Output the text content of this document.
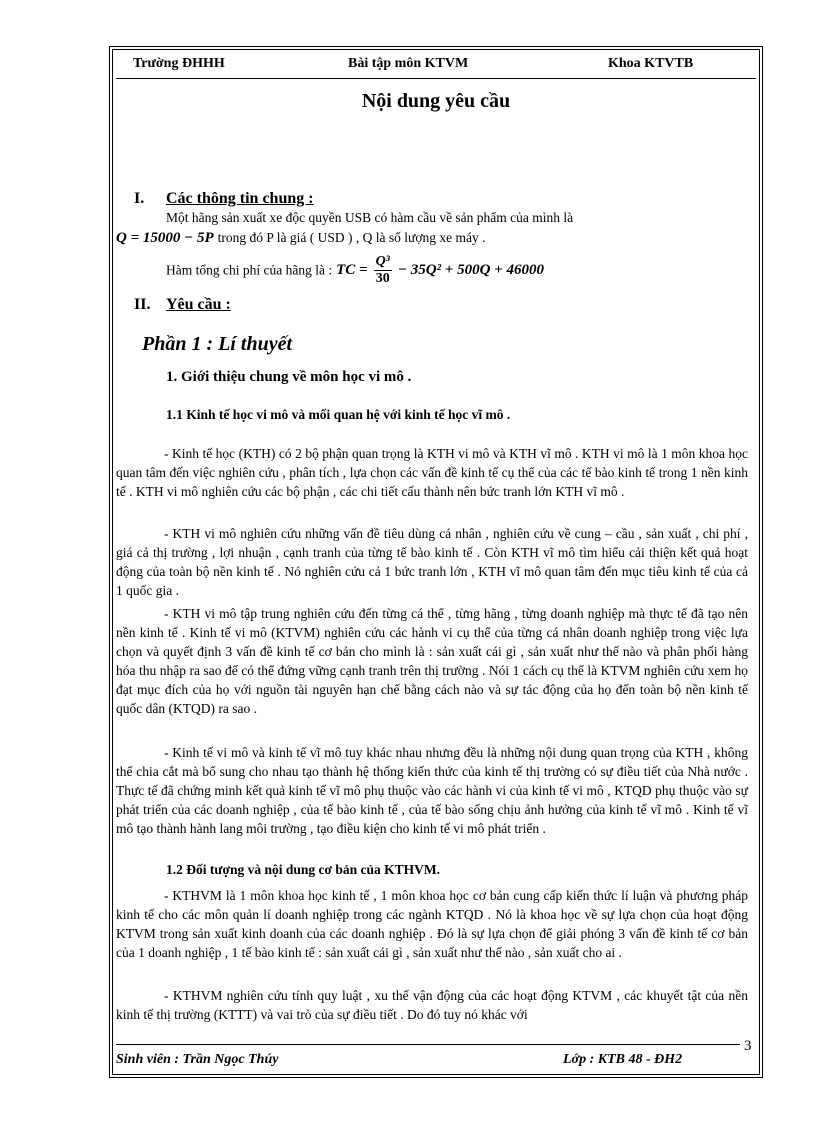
Trường ĐHHH	Bài tập môn KTVM	Khoa KTVTB
Nội dung yêu cầu
I. Các thông tin chung :
Một hãng sản xuất xe độc quyền USB có hàm cầu về sản phẩm của mình là
Q = 15000 − 5P trong đó P là giá ( USD ) , Q là số lượng xe máy .
Hàm tổng chi phí của hãng là : TC = $\frac{\text{Q³}}{30} - 35Q^2 + 500Q + 46000$
II. Yêu cầu :
Phần 1 : Lí thuyết
1. Giới thiệu chung về môn học vi mô .
1.1 Kinh tế học vi mô và mối quan hệ với kinh tế học vĩ mô .
- Kinh tế học (KTH) có 2 bộ phận quan trọng là KTH vi mô và KTH vĩ mô . KTH vi mô là 1 môn khoa học quan tâm đến việc nghiên cứu , phân tích , lựa chọn các vấn đề kinh tế cụ thể của các tế bào kinh tế trong 1 nền kinh tế . KTH vi mô nghiên cứu các bộ phận , các chi tiết cấu thành nên bức tranh lớn KTH vĩ mô .
- KTH vi mô nghiên cứu những vấn đề tiêu dùng cá nhân , nghiên cứu về cung – cầu , sản xuất , chi phí , giá cả thị trường , lợi nhuận , cạnh tranh của từng tế bào kinh tế . Còn KTH vĩ mô tìm hiểu cải thiện kết quả hoạt động của toàn bộ nền kinh tế . Nó nghiên cứu cả 1 bức tranh lớn , KTH vĩ mô quan tâm đến mục tiêu kinh tế của cả 1 quốc gia .
- KTH vi mô tập trung nghiên cứu đến từng cá thể , từng hãng , từng doanh nghiệp mà thực tế đã tạo nên nền kinh tế . Kinh tế vi mô (KTVM) nghiên cứu các hành vi cụ thể của từng cá nhân doanh nghiệp trong việc lựa chọn và quyết định 3 vấn đề kinh tế cơ bản cho mình là : sản xuất cái gì , sản xuất như thế nào và phân phối hàng hóa thu nhập ra sao để có thể đứng vững cạnh tranh trên thị trường . Nói 1 cách cụ thể là KTVM nghiên cứu xem họ đạt mục đích của họ với nguồn tài nguyên hạn chế bằng cách nào và sự tác động của họ đến toàn bộ nền kinh tế quốc dân (KTQD) ra sao .
- Kinh tế vi mô và kinh tế vĩ mô tuy khác nhau nhưng đều là những nội dung quan trọng của KTH , không thể chia cắt mà bổ sung cho nhau tạo thành hệ thống kiến thức của kinh tế thị trường có sự điều tiết của Nhà nước . Thực tế đã chứng minh kết quả kinh tế vĩ mô phụ thuộc vào các hành vi của kinh tế vi mô , KTQD phụ thuộc vào sự phát triển của các doanh nghiệp , của tế bào kinh tế , của tế bào sống chịu ảnh hưởng của kinh tế vĩ mô . Kinh tế vĩ mô tạo thành hành lang môi trường , tạo điều kiện cho kinh tế vi mô phát triển .
1.2 Đối tượng và nội dung cơ bản của KTHVM.
- KTHVM là 1 môn khoa học kinh tế , 1 môn khoa học cơ bản cung cấp kiến thức lí luận và phương pháp kinh tế cho các môn quản lí doanh nghiệp trong các ngành KTQD . Nó là khoa học về sự lựa chọn của hoạt động KTVM trong sản xuất kinh doanh của các doanh nghiệp . Đó là sự lựa chọn để giải phóng 3 vấn đề kinh tế cơ bản của 1 doanh nghiệp , 1 tế bào kinh tế : sản xuất cái gì , sản xuất như thế nào , sản xuất cho ai .
- KTHVM nghiên cứu tính quy luật , xu thế vận động của các hoạt động KTVM , các khuyết tật của nền kinh tế thị trường (KTTT) và vai trò của sự điều tiết . Do đó tuy nó khác với
3
Sinh viên : Trần Ngọc Thúy	Lớp : KTB 48 - ĐH2
